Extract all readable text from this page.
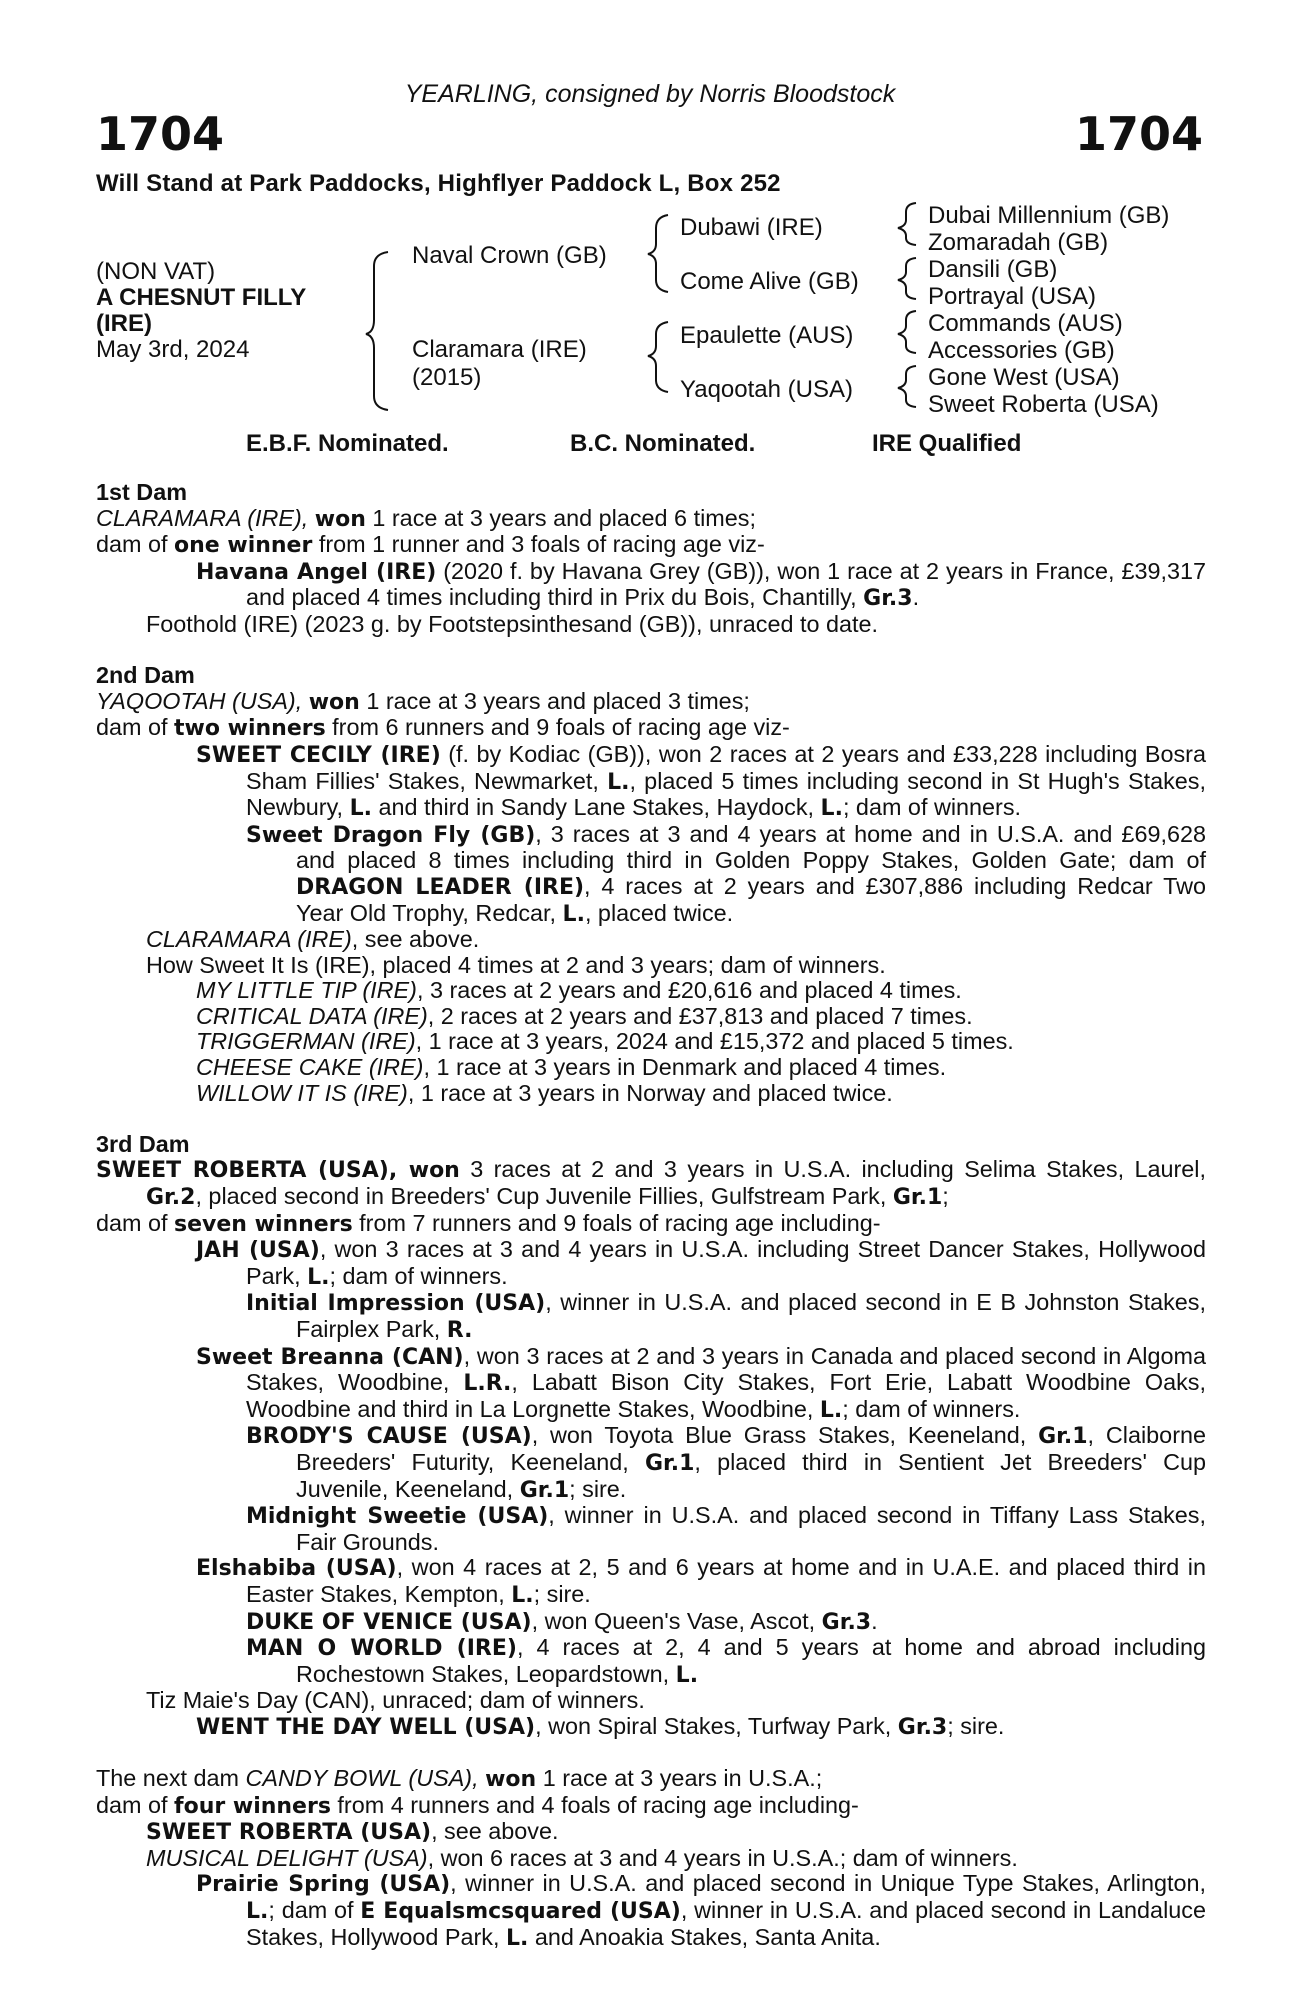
YEARLING, consigned by Norris Bloodstock
1704	1704
Will Stand at Park Paddocks, Highflyer Paddock L, Box 252
(NON VAT)
A CHESNUT FILLY
(IRE)
May 3rd, 2024
Naval Crown (GB)
Claramara (IRE)
(2015)
Dubawi (IRE)
Come Alive (GB)
Epaulette (AUS)
Yaqootah (USA)
Dubai Millennium (GB)
Zomaradah (GB)
Dansili (GB)
Portrayal (USA)
Commands (AUS)
Accessories (GB)
Gone West (USA)
Sweet Roberta (USA)
E.B.F. Nominated.	B.C. Nominated.	IRE Qualified

1st Dam

CLARAMARA (IRE), won 1 race at 3 years and placed 6 times;

dam of one winner from 1 runner and 3 foals of racing age viz-

Havana Angel (IRE) (2020 f. by Havana Grey (GB)), won 1 race at 2 years in France, £39,317 and placed 4 times including third in Prix du Bois, Chantilly, Gr.3.

Foothold (IRE) (2023 g. by Footstepsinthesand (GB)), unraced to date.

2nd Dam

YAQOOTAH (USA), won 1 race at 3 years and placed 3 times;

dam of two winners from 6 runners and 9 foals of racing age viz-

SWEET CECILY (IRE) (f. by Kodiac (GB)), won 2 races at 2 years and £33,228 including Bosra Sham Fillies' Stakes, Newmarket, L., placed 5 times including second in St Hugh's Stakes, Newbury, L. and third in Sandy Lane Stakes, Haydock, L.; dam of winners.

Sweet Dragon Fly (GB), 3 races at 3 and 4 years at home and in U.S.A. and £69,628 and placed 8 times including third in Golden Poppy Stakes, Golden Gate; dam of DRAGON LEADER (IRE), 4 races at 2 years and £307,886 including Redcar Two Year Old Trophy, Redcar, L., placed twice.

CLARAMARA (IRE), see above.

How Sweet It Is (IRE), placed 4 times at 2 and 3 years; dam of winners.

MY LITTLE TIP (IRE), 3 races at 2 years and £20,616 and placed 4 times.

CRITICAL DATA (IRE), 2 races at 2 years and £37,813 and placed 7 times.

TRIGGERMAN (IRE), 1 race at 3 years, 2024 and £15,372 and placed 5 times.

CHEESE CAKE (IRE), 1 race at 3 years in Denmark and placed 4 times.

WILLOW IT IS (IRE), 1 race at 3 years in Norway and placed twice.

3rd Dam

SWEET ROBERTA (USA), won 3 races at 2 and 3 years in U.S.A. including Selima Stakes, Laurel, Gr.2, placed second in Breeders' Cup Juvenile Fillies, Gulfstream Park, Gr.1;

dam of seven winners from 7 runners and 9 foals of racing age including-

JAH (USA), won 3 races at 3 and 4 years in U.S.A. including Street Dancer Stakes, Hollywood Park, L.; dam of winners.

Initial Impression (USA), winner in U.S.A. and placed second in E B Johnston Stakes, Fairplex Park, R.

Sweet Breanna (CAN), won 3 races at 2 and 3 years in Canada and placed second in Algoma Stakes, Woodbine, L.R., Labatt Bison City Stakes, Fort Erie, Labatt Woodbine Oaks, Woodbine and third in La Lorgnette Stakes, Woodbine, L.; dam of winners.

BRODY'S CAUSE (USA), won Toyota Blue Grass Stakes, Keeneland, Gr.1, Claiborne Breeders' Futurity, Keeneland, Gr.1, placed third in Sentient Jet Breeders' Cup Juvenile, Keeneland, Gr.1; sire.

Midnight Sweetie (USA), winner in U.S.A. and placed second in Tiffany Lass Stakes, Fair Grounds.

Elshabiba (USA), won 4 races at 2, 5 and 6 years at home and in U.A.E. and placed third in Easter Stakes, Kempton, L.; sire.

DUKE OF VENICE (USA), won Queen's Vase, Ascot, Gr.3.

MAN O WORLD (IRE), 4 races at 2, 4 and 5 years at home and abroad including Rochestown Stakes, Leopardstown, L.

Tiz Maie's Day (CAN), unraced; dam of winners.

WENT THE DAY WELL (USA), won Spiral Stakes, Turfway Park, Gr.3; sire.

The next dam CANDY BOWL (USA), won 1 race at 3 years in U.S.A.;

dam of four winners from 4 runners and 4 foals of racing age including-

SWEET ROBERTA (USA), see above.

MUSICAL DELIGHT (USA), won 6 races at 3 and 4 years in U.S.A.; dam of winners.

Prairie Spring (USA), winner in U.S.A. and placed second in Unique Type Stakes, Arlington, L.; dam of E Equalsmcsquared (USA), winner in U.S.A. and placed second in Landaluce Stakes, Hollywood Park, L. and Anoakia Stakes, Santa Anita.
